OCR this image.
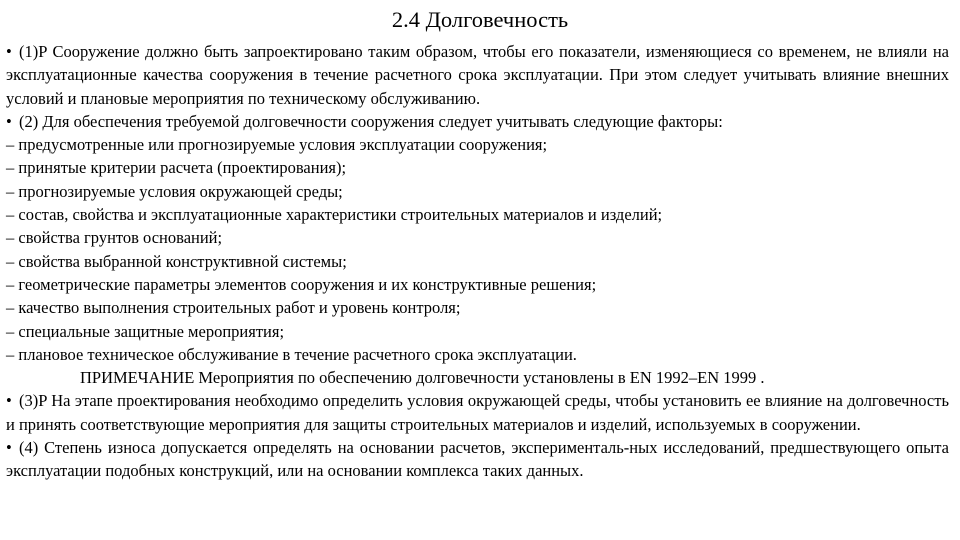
2.4 Долговечность

• (1)P Сооружение должно быть запроектировано таким образом, чтобы его показатели, изменяющиеся со временем, не влияли на эксплуатационные качества сооружения в течение расчетного срока эксплуатации. При этом следует учитывать влияние внешних условий и плановые мероприятия по техническому обслуживанию.

• (2) Для обеспечения требуемой долговечности сооружения следует учитывать следующие факторы:

– предусмотренные или прогнозируемые условия эксплуатации сооружения;

– принятые критерии расчета (проектирования);

– прогнозируемые условия окружающей среды;

– состав, свойства и эксплуатационные характеристики строительных материалов и изделий;

– свойства грунтов оснований;

– свойства выбранной конструктивной системы;

– геометрические параметры элементов сооружения и их конструктивные решения;

– качество выполнения строительных работ и уровень контроля;

– специальные защитные мероприятия;

– плановое техническое обслуживание в течение расчетного срока эксплуатации.

ПРИМЕЧАНИЕ Мероприятия по обеспечению долговечности установлены в EN 1992–EN 1999 .

• (3)P На этапе проектирования необходимо определить условия окружающей среды, чтобы установить ее влияние на долговечность и принять соответствующие мероприятия для защиты строительных материалов и изделий, используемых в сооружении.

• (4) Степень износа допускается определять на основании расчетов, эксперименталь-ных исследований, предшествующего опыта эксплуатации подобных конструкций, или на основании комплекса таких данных.
